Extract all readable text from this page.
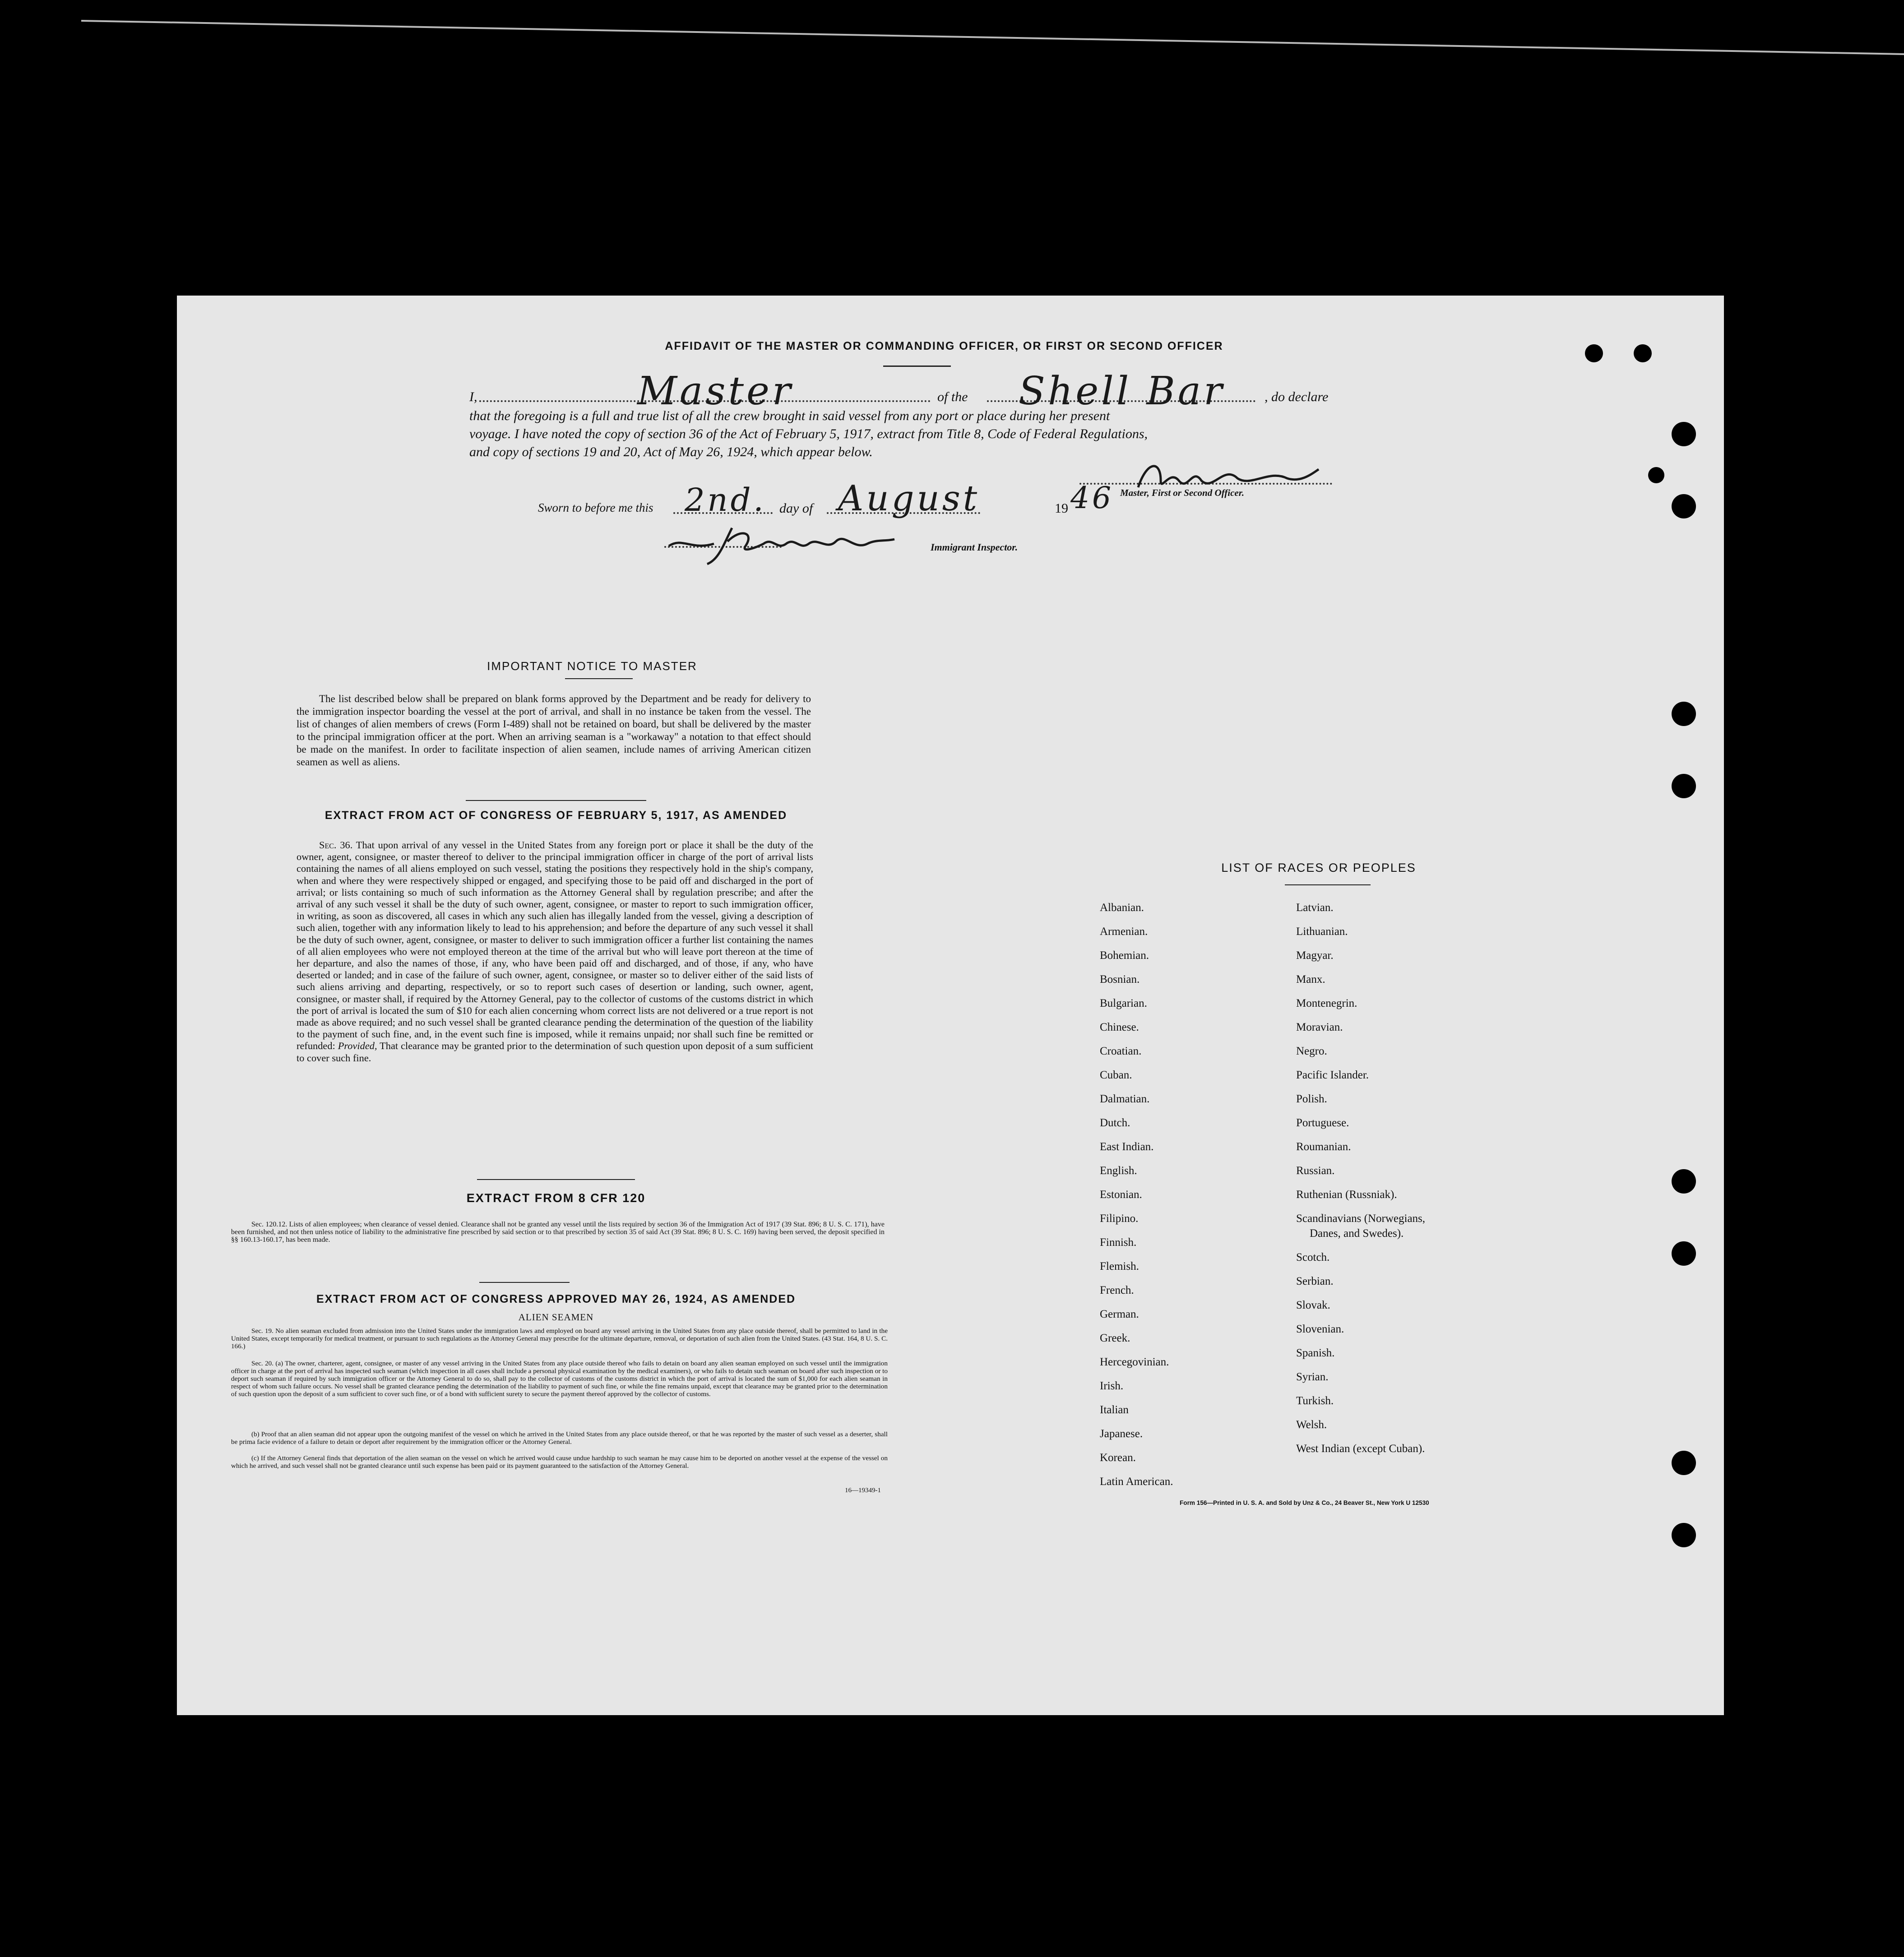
AFFIDAVIT OF THE MASTER OR COMMANDING OFFICER, OR FIRST OR SECOND OFFICER
I,	Master	of the Shell Bar	, do declare
that the foregoing is a full and true list of all the crew brought in said vessel from any port or place during her present
voyage. I have noted the copy of section 36 of the Act of February 5, 1917, extract from Title 8, Code of Federal Regulations,
and copy of sections 19 and 20, Act of May 26, 1924, which appear below.
Sworn to before me this 2nd. day of August	19 46 Master, First or Second Officer.
Immigrant Inspector.
IMPORTANT NOTICE TO MASTER

The list described below shall be prepared on blank forms approved by the Department and be ready for delivery to the immigration inspector boarding the vessel at the port of arrival, and shall in no instance be taken from the vessel. The list of changes of alien members of crews (Form I-489) shall not be retained on board, but shall be delivered by the master to the principal immigration officer at the port. When an arriving seaman is a "workaway" a notation to that effect should be made on the manifest. In order to facilitate inspection of alien seamen, include names of arriving American citizen seamen as well as aliens.

EXTRACT FROM ACT OF CONGRESS OF FEBRUARY 5, 1917, AS AMENDED

Sec. 36. That upon arrival of any vessel in the United States from any foreign port or place it shall be the duty of the owner, agent, consignee, or master thereof to deliver to the principal immigration officer in charge of the port of arrival lists containing the names of all aliens employed on such vessel, stating the positions they respectively hold in the ship's company, when and where they were respectively shipped or engaged, and specifying those to be paid off and discharged in the port of arrival; or lists containing so much of such information as the Attorney General shall by regulation prescribe; and after the arrival of any such vessel it shall be the duty of such owner, agent, consignee, or master to report to such immigration officer, in writing, as soon as discovered, all cases in which any such alien has illegally landed from the vessel, giving a description of such alien, together with any information likely to lead to his apprehension; and before the departure of any such vessel it shall be the duty of such owner, agent, consignee, or master to deliver to such immigration officer a further list containing the names of all alien employees who were not employed thereon at the time of the arrival but who will leave port thereon at the time of her departure, and also the names of those, if any, who have been paid off and discharged, and of those, if any, who have deserted or landed; and in case of the failure of such owner, agent, consignee, or master so to deliver either of the said lists of such aliens arriving and departing, respectively, or so to report such cases of desertion or landing, such owner, agent, consignee, or master shall, if required by the Attorney General, pay to the collector of customs of the customs district in which the port of arrival is located the sum of $10 for each alien concerning whom correct lists are not delivered or a true report is not made as above required; and no such vessel shall be granted clearance pending the determination of the question of the liability to the payment of such fine, and, in the event such fine is imposed, while it remains unpaid; nor shall such fine be remitted or refunded: Provided, That clearance may be granted prior to the determination of such question upon deposit of a sum sufficient to cover such fine.

EXTRACT FROM 8 CFR 120

Sec. 120.12. Lists of alien employees; when clearance of vessel denied. Clearance shall not be granted any vessel until the lists required by section 36 of the Immigration Act of 1917 (39 Stat. 896; 8 U. S. C. 171), have been furnished, and not then unless notice of liability to the administrative fine prescribed by said section or to that prescribed by section 35 of said Act (39 Stat. 896; 8 U. S. C. 169) having been served, the deposit specified in §§ 160.13-160.17, has been made.

EXTRACT FROM ACT OF CONGRESS APPROVED MAY 26, 1924, AS AMENDED
ALIEN SEAMEN

Sec. 19. No alien seaman excluded from admission into the United States under the immigration laws and employed on board any vessel arriving in the United States from any place outside thereof, shall be permitted to land in the United States, except temporarily for medical treatment, or pursuant to such regulations as the Attorney General may prescribe for the ultimate departure, removal, or deportation of such alien from the United States. (43 Stat. 164, 8 U. S. C. 166.)

Sec. 20. (a) The owner, charterer, agent, consignee, or master of any vessel arriving in the United States from any place outside thereof who fails to detain on board any alien seaman employed on such vessel until the immigration officer in charge at the port of arrival has inspected such seaman (which inspection in all cases shall include a personal physical examination by the medical examiners), or who fails to detain such seaman on board after such inspection or to deport such seaman if required by such immigration officer or the Attorney General to do so, shall pay to the collector of customs of the customs district in which the port of arrival is located the sum of $1,000 for each alien seaman in respect of whom such failure occurs. No vessel shall be granted clearance pending the determination of the liability to payment of such fine, or while the fine remains unpaid, except that clearance may be granted prior to the determination of such question upon the deposit of a sum sufficient to cover such fine, or of a bond with sufficient surety to secure the payment thereof approved by the collector of customs.

(b) Proof that an alien seaman did not appear upon the outgoing manifest of the vessel on which he arrived in the United States from any place outside thereof, or that he was reported by the master of such vessel as a deserter, shall be prima facie evidence of a failure to detain or deport after requirement by the immigration officer or the Attorney General.

(c) If the Attorney General finds that deportation of the alien seaman on the vessel on which he arrived would cause undue hardship to such seaman he may cause him to be deported on another vessel at the expense of the vessel on which he arrived, and such vessel shall not be granted clearance until such expense has been paid or its payment guaranteed to the satisfaction of the Attorney General.

16—19349-1
LIST OF RACES OR PEOPLES
Albanian.
Armenian.
Bohemian.
Bosnian.
Bulgarian.
Chinese.
Croatian.
Cuban.
Dalmatian.
Dutch.
East Indian.
English.
Estonian.
Filipino.
Finnish.
Flemish.
French.
German.
Greek.
Hercegovinian.
Irish.
Italian
Japanese.
Korean.
Latin American.
Latvian.
Lithuanian.
Magyar.
Manx.
Montenegrin.
Moravian.
Negro.
Pacific Islander.
Polish.
Portuguese.
Roumanian.
Russian.
Ruthenian (Russniak).
Scandinavians (Norwegians,
Danes, and Swedes).
Scotch.
Serbian.
Slovak.
Slovenian.
Spanish.
Syrian.
Turkish.
Welsh.
West Indian (except Cuban).
Form 156—Printed in U. S. A. and Sold by Unz & Co., 24 Beaver St., New York U 12530
